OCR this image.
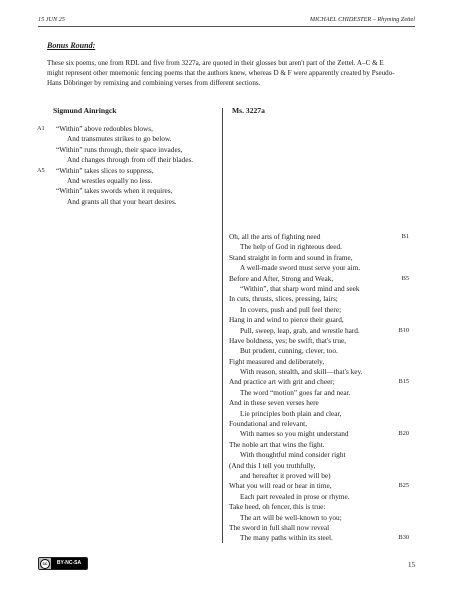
15 JUN 25	MICHAEL CHIDESTER – Rhyming Zettel
Bonus Round:
These six poems, one from RDL and five from 3227a, are quoted in their glosses but aren't part of the Zettel. A–C & E might represent other mnemonic fencing poems that the authors knew, whereas D & F were apparently created by Pseudo-Hans Döbringer by remixing and combining verses from different sections.
Sigmund Ainringck	Ms. 3227a
A1 “Within” above redoubles blows,
And transmutes strikes to go below.
“Within” runs through, their space invades,
And changes through from off their blades.
A5 “Within” takes slices to suppress,
And wrestles equally no less.
“Within” takes swords when it requires,
And grants all that your heart desires.
B1
Oh, all the arts of fighting need
The help of God in righteous deed.
Stand straight in form and sound in frame,
A well-made sword must serve your aim.
B5
Before and After, Strong and Weak,
“Within”, that sharp word mind and seek
In cuts, thrusts, slices, pressing, lairs;
In covers, push and pull feel there;
Hang in and wind to pierce their guard,
B10
Pull, sweep, leap, grab, and wrestle hard.
Have boldness, yes; be swift, that's true,
But prudent, cunning, clever, too.
Fight measured and deliberately,
With reason, stealth, and skill—that's key.
B15
And practice art with grit and cheer;
The word “motion” goes far and near.
And in these seven verses here
Lie principles both plain and clear,
Foundational and relevant,
B20
With names so you might understand
The noble art that wins the fight.
With thoughtful mind consider right
(And this I tell you truthfully,
and hereafter it proved will be)
B25
What you will read or hear in time,
Each part revealed in prose or rhyme.
Take heed, oh fencer, this is true:
The art will be well-known to you;
The sword in full shall now reveal
B30
The many paths within its steel.
cc	BY-NC-SA	15
